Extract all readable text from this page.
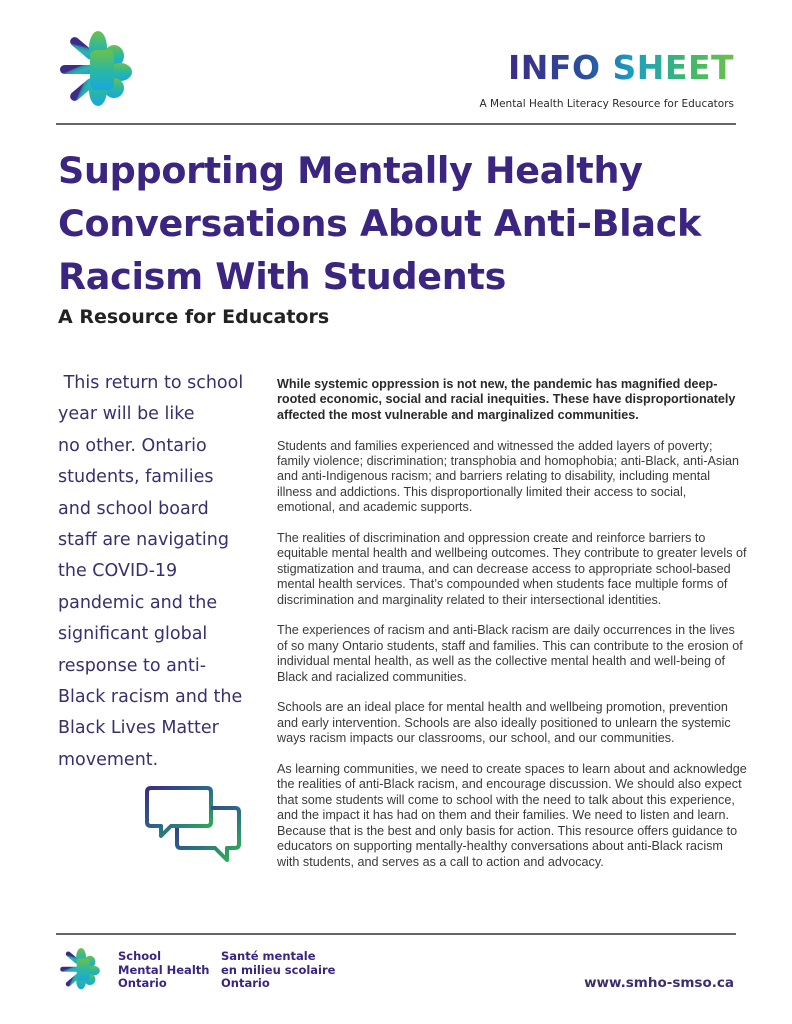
INFO SHEET
A Mental Health Literacy Resource for Educators
Supporting Mentally Healthy
Conversations About Anti-Black
Racism With Students
A Resource for Educators
This return to school
year will be like
no other. Ontario
students, families
and school board
staff are navigating
the COVID-19
pandemic and the
significant global
response to anti-
Black racism and the
Black Lives Matter
movement.

While systemic oppression is not new, the pandemic has magnified deep-rooted economic, social and racial inequities. These have disproportionately affected the most vulnerable and marginalized communities.

Students and families experienced and witnessed the added layers of poverty; family violence; discrimination; transphobia and homophobia; anti-Black, anti-Asian and anti-Indigenous racism; and barriers relating to disability, including mental illness and addictions. This disproportionally limited their access to social, emotional, and academic supports.

The realities of discrimination and oppression create and reinforce barriers to equitable mental health and wellbeing outcomes. They contribute to greater levels of stigmatization and trauma, and can decrease access to appropriate school-based mental health services. That’s compounded when students face multiple forms of discrimination and marginality related to their intersectional identities.

The experiences of racism and anti-Black racism are daily occurrences in the lives of so many Ontario students, staff and families. This can contribute to the erosion of individual mental health, as well as the collective mental health and well-being of Black and racialized communities.

Schools are an ideal place for mental health and wellbeing promotion, prevention and early intervention. Schools are also ideally positioned to unlearn the systemic ways racism impacts our classrooms, our school, and our communities.

As learning communities, we need to create spaces to learn about and acknowledge the realities of anti-Black racism, and encourage discussion. We should also expect that some students will come to school with the need to talk about this experience, and the impact it has had on them and their families. We need to listen and learn. Because that is the best and only basis for action. This resource offers guidance to educators on supporting mentally-healthy conversations about anti-Black racism with students, and serves as a call to action and advocacy.

School
Mental Health
Ontario
Santé mentale
en milieu scolaire
Ontario	www.smho-smso.ca
